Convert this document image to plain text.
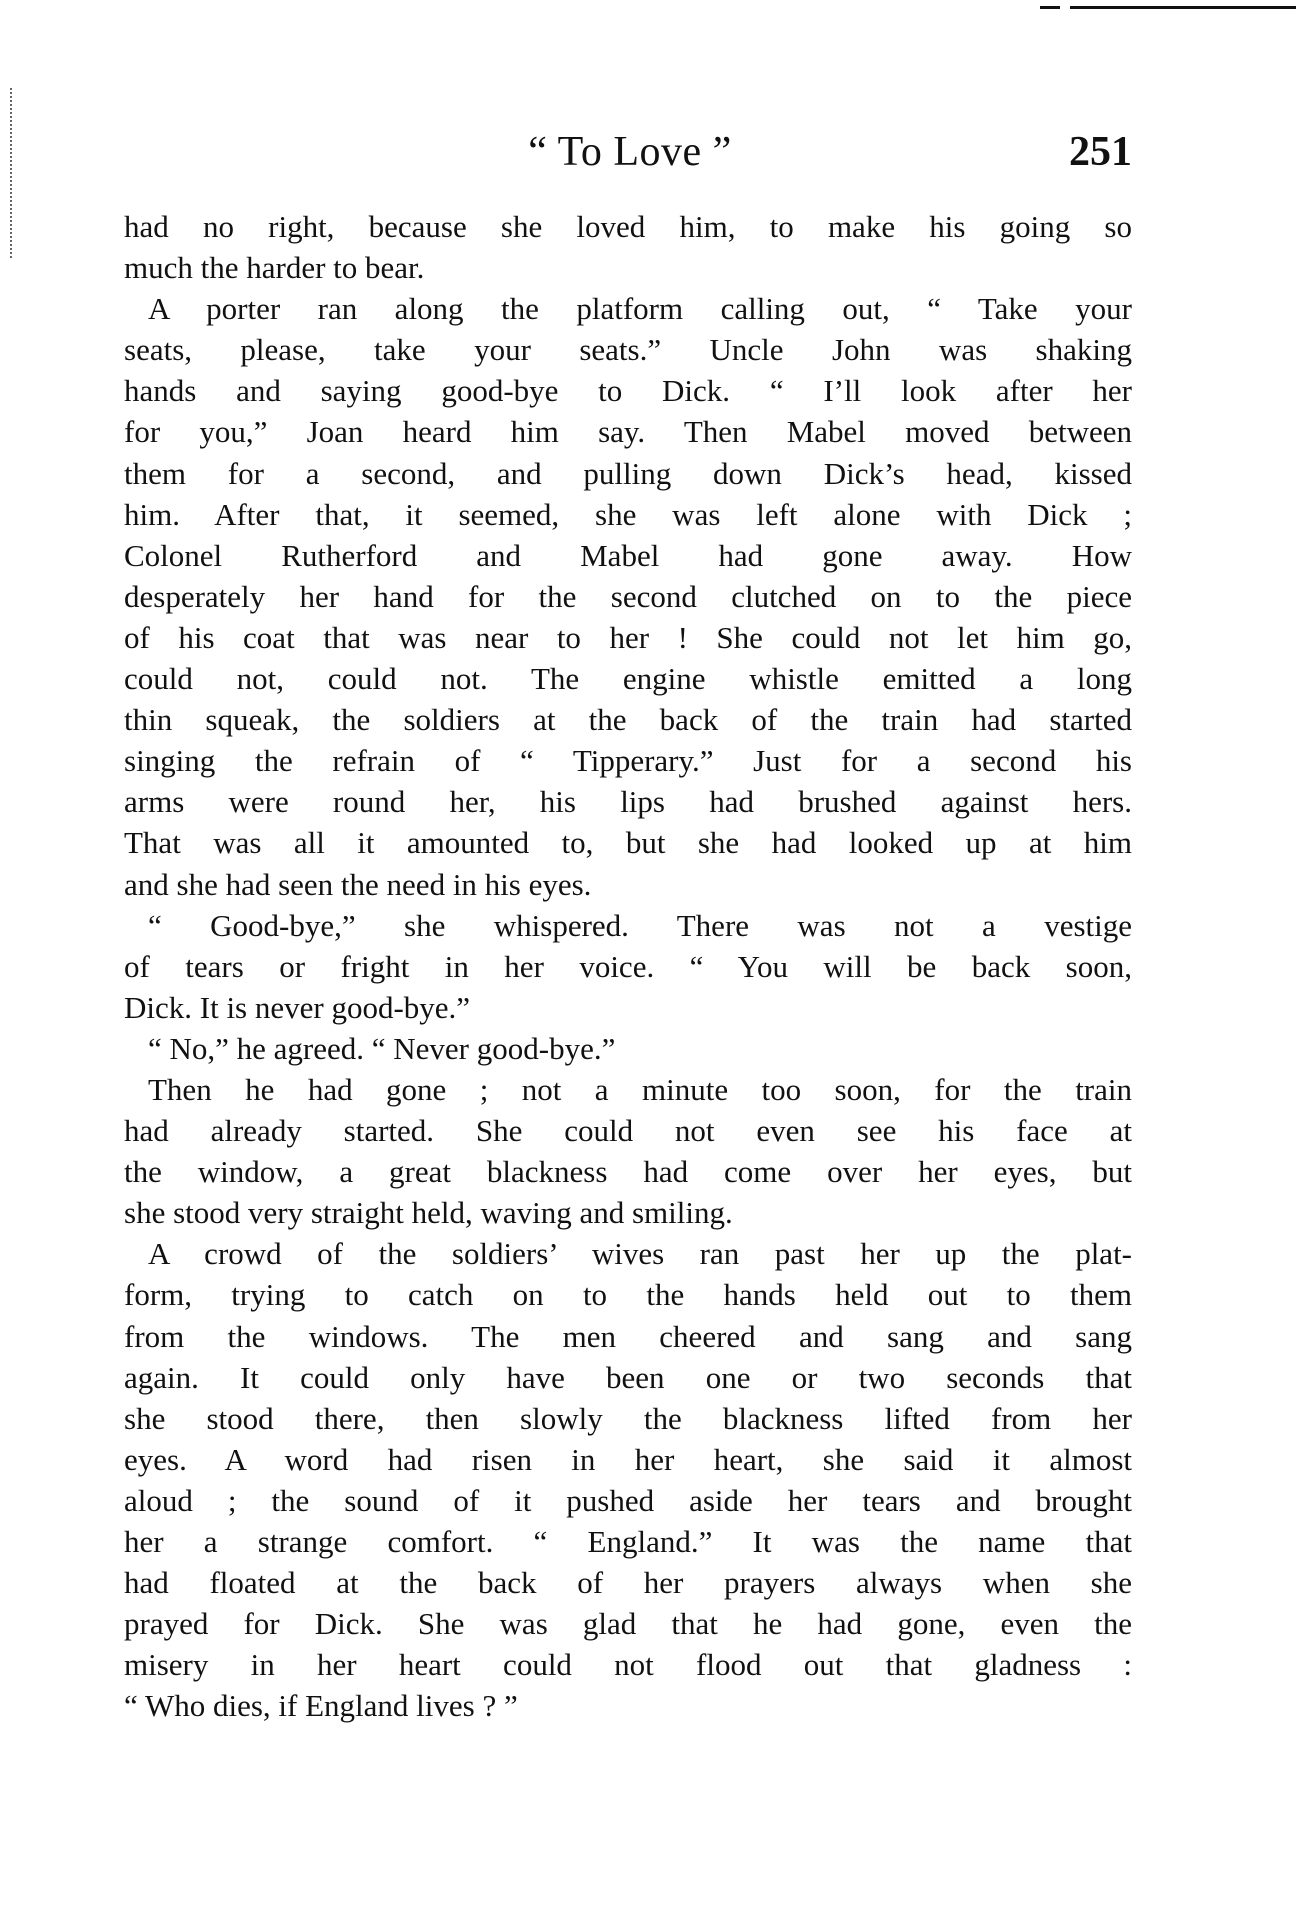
“ To Love ”	251
had no right, because she loved him, to make his going so
much the harder to bear.
A porter ran along the platform calling out, “ Take your
seats, please, take your seats.” Uncle John was shaking
hands and saying good-bye to Dick. “ I’ll look after her
for you,” Joan heard him say. Then Mabel moved between
them for a second, and pulling down Dick’s head, kissed
him. After that, it seemed, she was left alone with Dick ;
Colonel Rutherford and Mabel had gone away. How
desperately her hand for the second clutched on to the piece
of his coat that was near to her ! She could not let him go,
could not, could not. The engine whistle emitted a long
thin squeak, the soldiers at the back of the train had started
singing the refrain of “ Tipperary.” Just for a second his
arms were round her, his lips had brushed against hers.
That was all it amounted to, but she had looked up at him
and she had seen the need in his eyes.
“ Good-bye,” she whispered. There was not a vestige
of tears or fright in her voice. “ You will be back soon,
Dick. It is never good-bye.”
“ No,” he agreed. “ Never good-bye.”
Then he had gone ; not a minute too soon, for the train
had already started. She could not even see his face at
the window, a great blackness had come over her eyes, but
she stood very straight held, waving and smiling.
A crowd of the soldiers’ wives ran past her up the plat-
form, trying to catch on to the hands held out to them
from the windows. The men cheered and sang and sang
again. It could only have been one or two seconds that
she stood there, then slowly the blackness lifted from her
eyes. A word had risen in her heart, she said it almost
aloud ; the sound of it pushed aside her tears and brought
her a strange comfort. “ England.” It was the name that
had floated at the back of her prayers always when she
prayed for Dick. She was glad that he had gone, even the
misery in her heart could not flood out that gladness :
“ Who dies, if England lives ? ”
